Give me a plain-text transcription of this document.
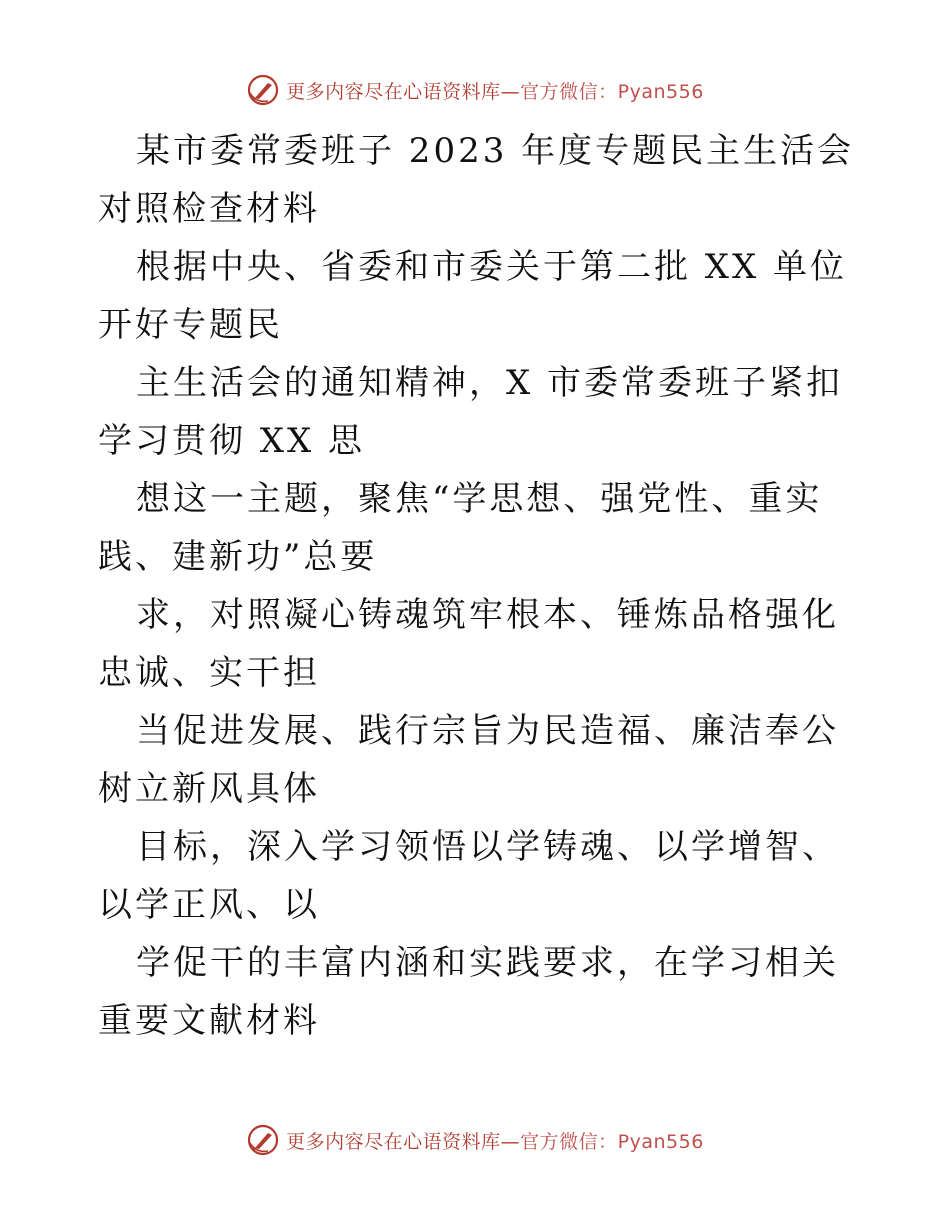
更多内容尽在心语资料库—官方微信：Pyan556

某市委常委班子 2023 年度专题民主生活会对照检查材料

根据中央、省委和市委关于第二批 XX 单位开好专题民

主生活会的通知精神，X 市委常委班子紧扣学习贯彻 XX 思

想这一主题，聚焦“学思想、强党性、重实践、建新功”总要

求，对照凝心铸魂筑牢根本、锤炼品格强化忠诚、实干担

当促进发展、践行宗旨为民造福、廉洁奉公树立新风具体

目标，深入学习领悟以学铸魂、以学增智、以学正风、以

学促干的丰富内涵和实践要求，在学习相关重要文献材料

更多内容尽在心语资料库—官方微信：Pyan556
